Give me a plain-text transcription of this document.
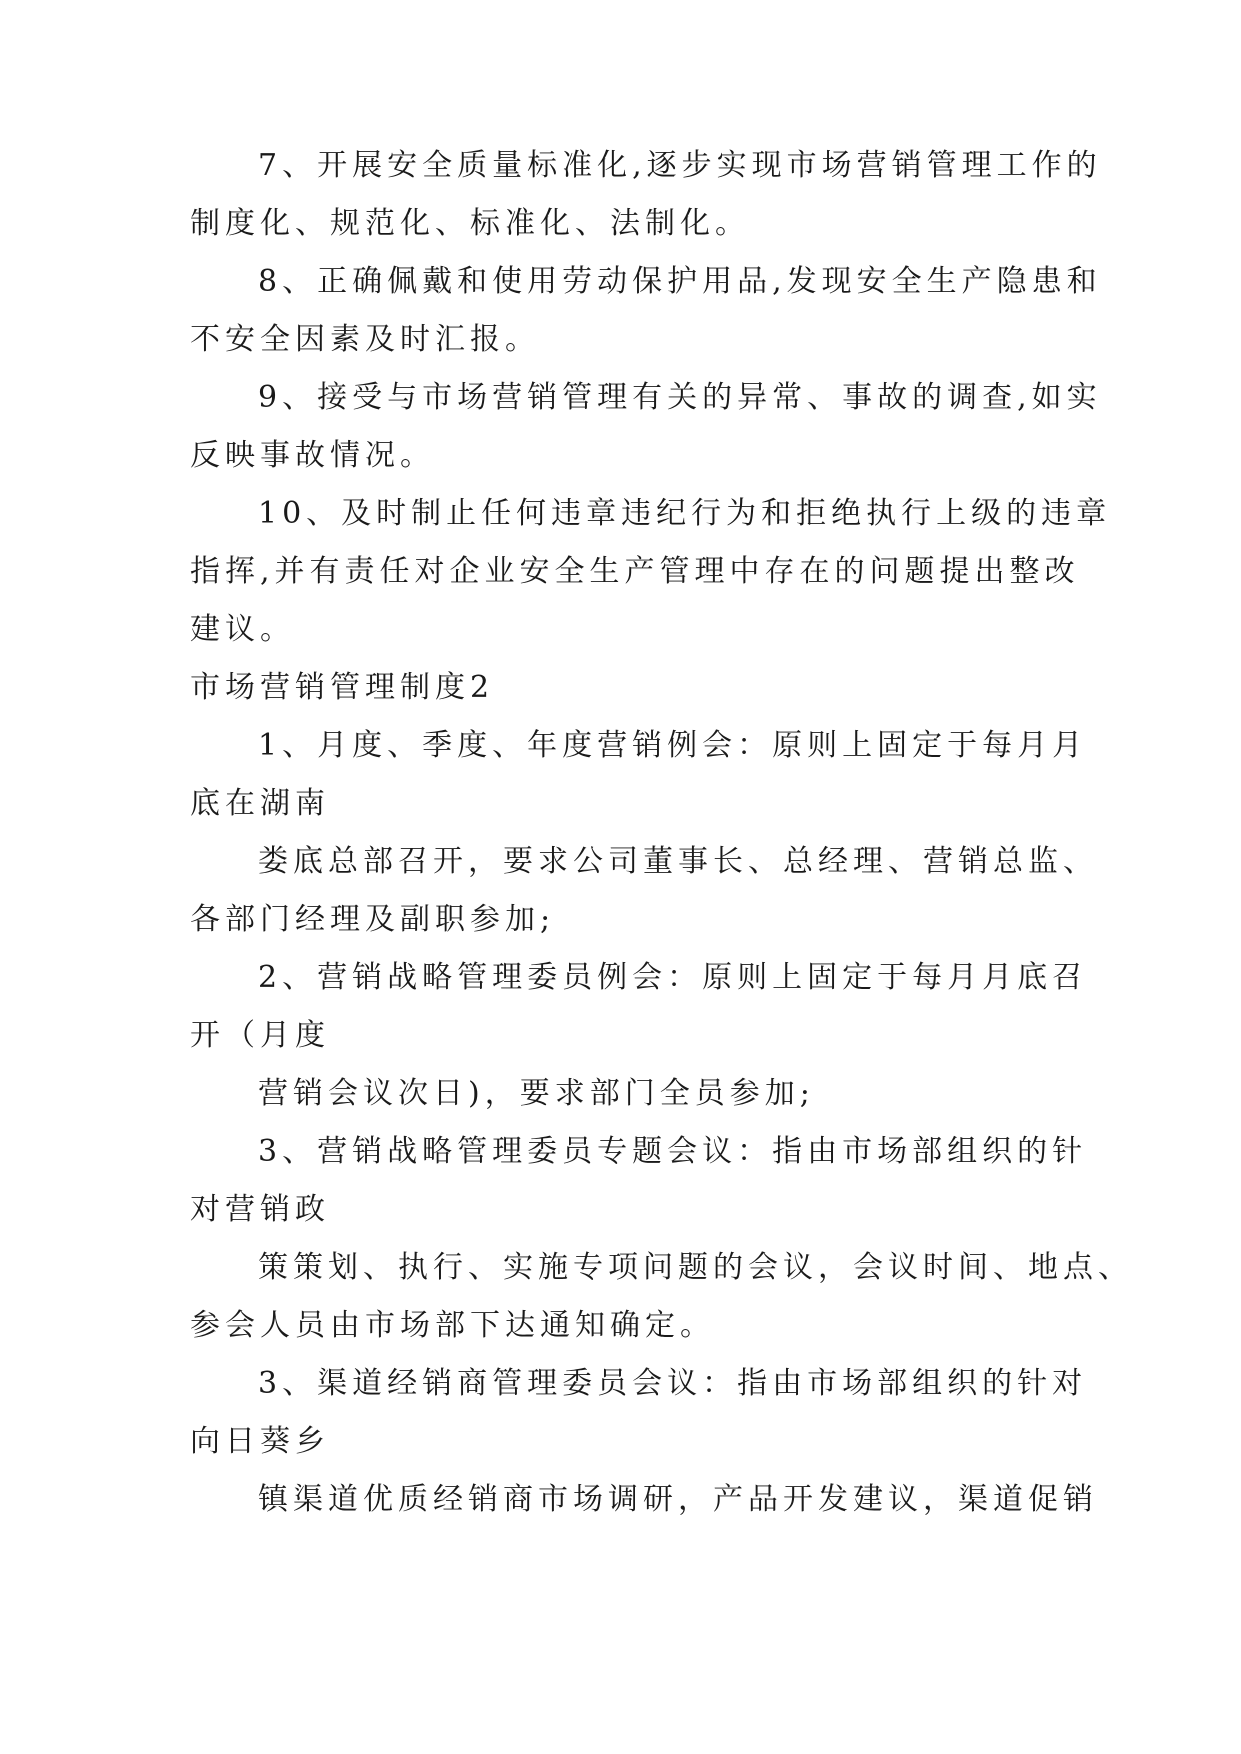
7、开展安全质量标准化,逐步实现市场营销管理工作的
制度化、规范化、标准化、法制化。
8、正确佩戴和使用劳动保护用品,发现安全生产隐患和
不安全因素及时汇报。
9、接受与市场营销管理有关的异常、事故的调查,如实
反映事故情况。
10、及时制止任何违章违纪行为和拒绝执行上级的违章
指挥,并有责任对企业安全生产管理中存在的问题提出整改
建议。
市场营销管理制度2
1、月度、季度、年度营销例会：原则上固定于每月月
底在湖南
娄底总部召开，要求公司董事长、总经理、营销总监、
各部门经理及副职参加;
2、营销战略管理委员例会：原则上固定于每月月底召
开（月度
营销会议次日)，要求部门全员参加;
3、营销战略管理委员专题会议：指由市场部组织的针
对营销政
策策划、执行、实施专项问题的会议，会议时间、地点、
参会人员由市场部下达通知确定。
3、渠道经销商管理委员会议：指由市场部组织的针对
向日葵乡
镇渠道优质经销商市场调研，产品开发建议，渠道促销
